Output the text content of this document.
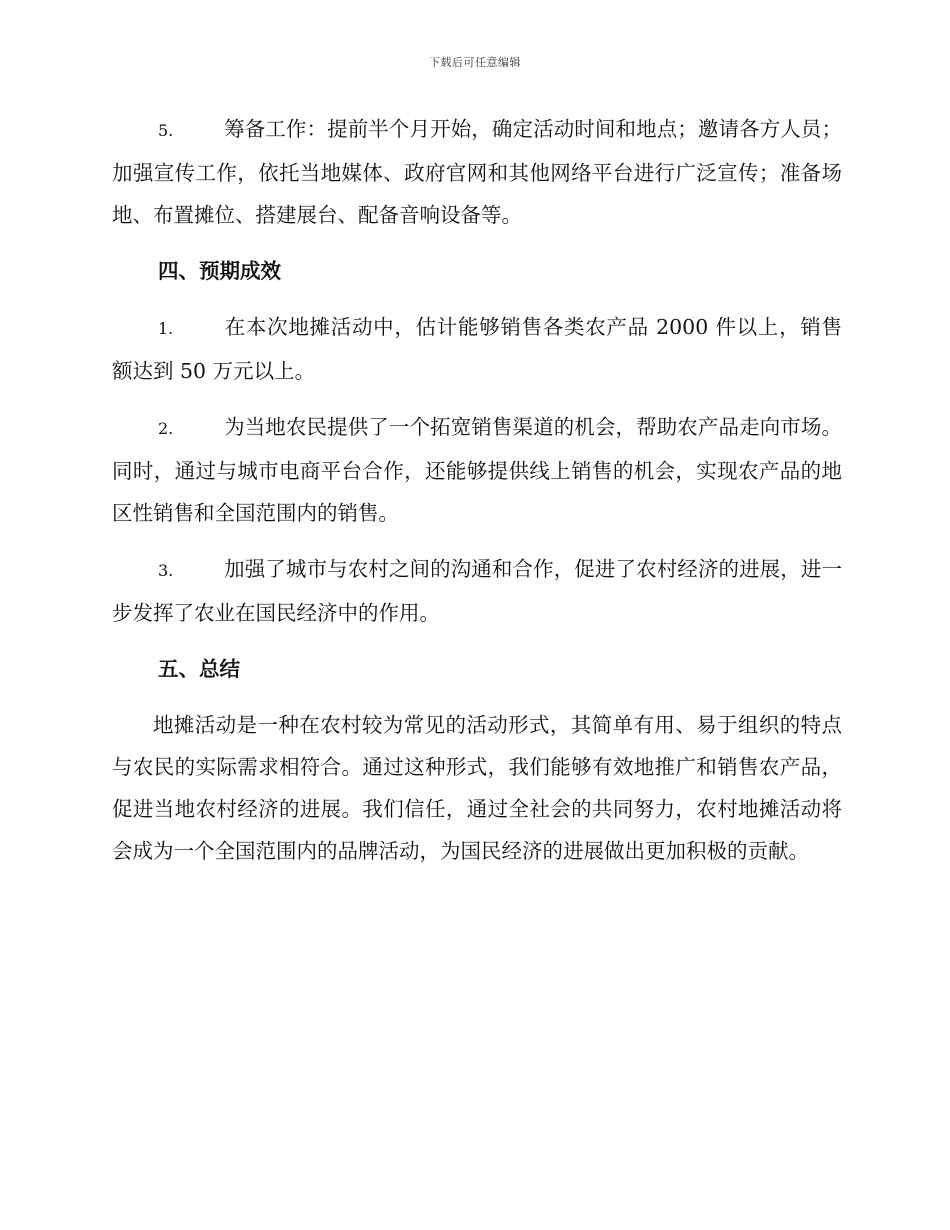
下载后可任意编辑

5. 筹备工作：提前半个月开始，确定活动时间和地点；邀请各方人员；加强宣传工作，依托当地媒体、政府官网和其他网络平台进行广泛宣传；准备场地、布置摊位、搭建展台、配备音响设备等。

四、预期成效

1. 在本次地摊活动中，估计能够销售各类农产品 2000 件以上，销售额达到 50 万元以上。

2. 为当地农民提供了一个拓宽销售渠道的机会，帮助农产品走向市场。同时，通过与城市电商平台合作，还能够提供线上销售的机会，实现农产品的地区性销售和全国范围内的销售。

3. 加强了城市与农村之间的沟通和合作，促进了农村经济的进展，进一步发挥了农业在国民经济中的作用。

五、总结

地摊活动是一种在农村较为常见的活动形式，其简单有用、易于组织的特点与农民的实际需求相符合。通过这种形式，我们能够有效地推广和销售农产品，促进当地农村经济的进展。我们信任，通过全社会的共同努力，农村地摊活动将会成为一个全国范围内的品牌活动，为国民经济的进展做出更加积极的贡献。
